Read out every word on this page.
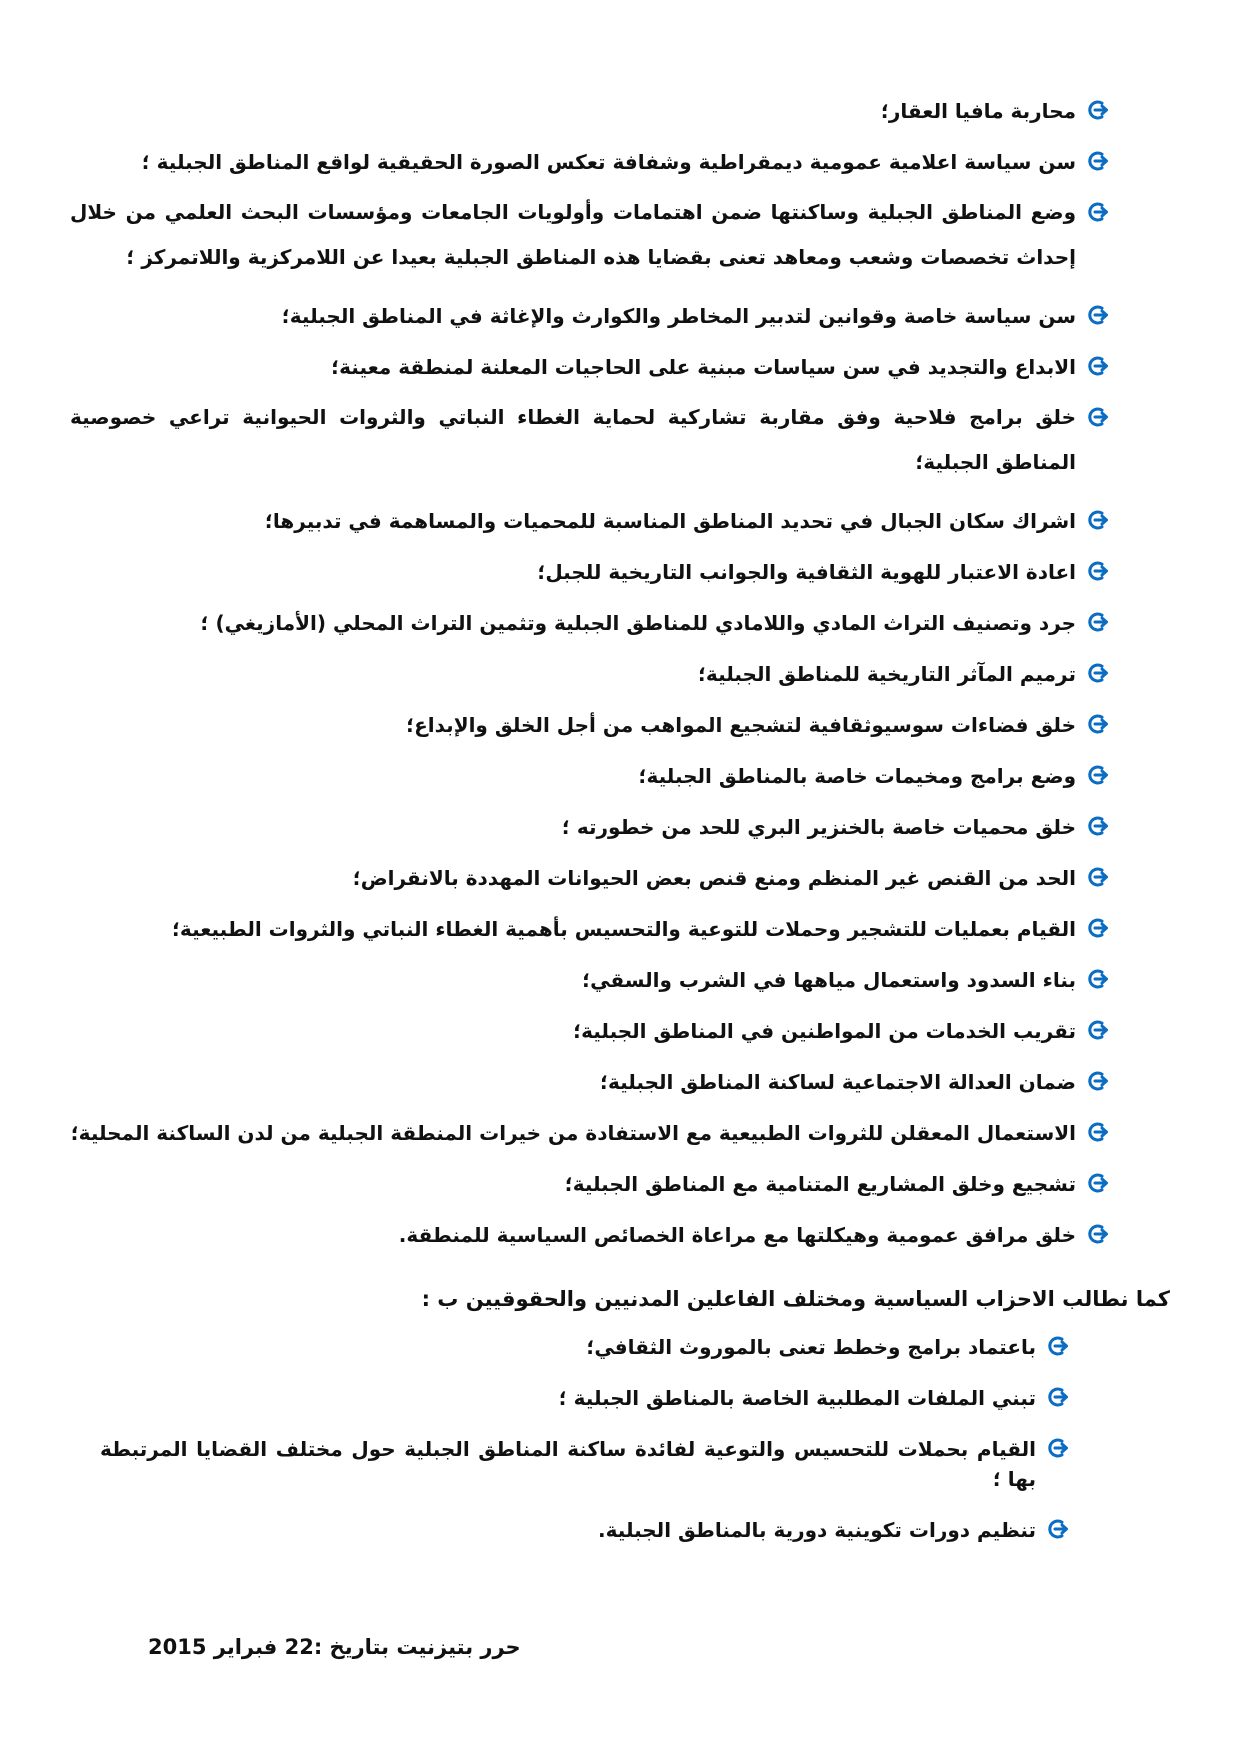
محاربة مافيا العقار؛
سن سياسة اعلامية عمومية ديمقراطية وشفافة تعكس الصورة الحقيقية لواقع المناطق الجبلية ؛
وضع المناطق الجبلية وساكنتها ضمن اهتمامات وأولويات الجامعات ومؤسسات البحث العلمي من خلال إحداث تخصصات وشعب ومعاهد تعنى بقضايا هذه المناطق الجبلية بعيدا عن اللامركزية واللاتمركز ؛
سن سياسة خاصة وقوانين لتدبير المخاطر والكوارث والإغاثة في المناطق الجبلية؛
الابداع والتجديد في سن سياسات مبنية على الحاجيات المعلنة لمنطقة معينة؛
خلق برامج فلاحية وفق مقاربة تشاركية لحماية الغطاء النباتي والثروات الحيوانية تراعي خصوصية المناطق الجبلية؛
اشراك سكان الجبال في تحديد المناطق المناسبة للمحميات والمساهمة في تدبيرها؛
اعادة الاعتبار للهوية الثقافية والجوانب التاريخية للجبل؛
جرد وتصنيف التراث المادي واللامادي للمناطق الجبلية وتثمين التراث المحلي (الأمازيغي) ؛
ترميم المآثر التاريخية للمناطق الجبلية؛
خلق فضاءات سوسيوثقافية لتشجيع المواهب من أجل الخلق والإبداع؛
وضع برامج ومخيمات خاصة بالمناطق الجبلية؛
خلق محميات خاصة بالخنزير البري للحد من خطورته ؛
الحد من القنص غير المنظم ومنع قنص بعض الحيوانات المهددة بالانقراض؛
القيام بعمليات للتشجير وحملات للتوعية والتحسيس بأهمية الغطاء النباتي والثروات الطبيعية؛
بناء السدود واستعمال مياهها في الشرب والسقي؛
تقريب الخدمات من المواطنين في المناطق الجبلية؛
ضمان العدالة الاجتماعية لساكنة المناطق الجبلية؛
الاستعمال المعقلن للثروات الطبيعية مع الاستفادة من خيرات المنطقة الجبلية من لدن الساكنة المحلية؛
تشجيع وخلق المشاريع المتنامية مع المناطق الجبلية؛
خلق مرافق عمومية وهيكلتها مع مراعاة الخصائص السياسية للمنطقة.
كما نطالب الاحزاب السياسية ومختلف الفاعلين المدنيين والحقوقيين ب :
باعتماد برامج وخطط تعنى بالموروث الثقافي؛
تبني الملفات المطلبية الخاصة بالمناطق الجبلية ؛
القيام بحملات للتحسيس والتوعية لفائدة ساكنة المناطق الجبلية حول مختلف القضايا المرتبطة بها ؛
تنظيم دورات تكوينية دورية بالمناطق الجبلية.
حرر بتيزنيت بتاريخ :22 فبراير 2015
